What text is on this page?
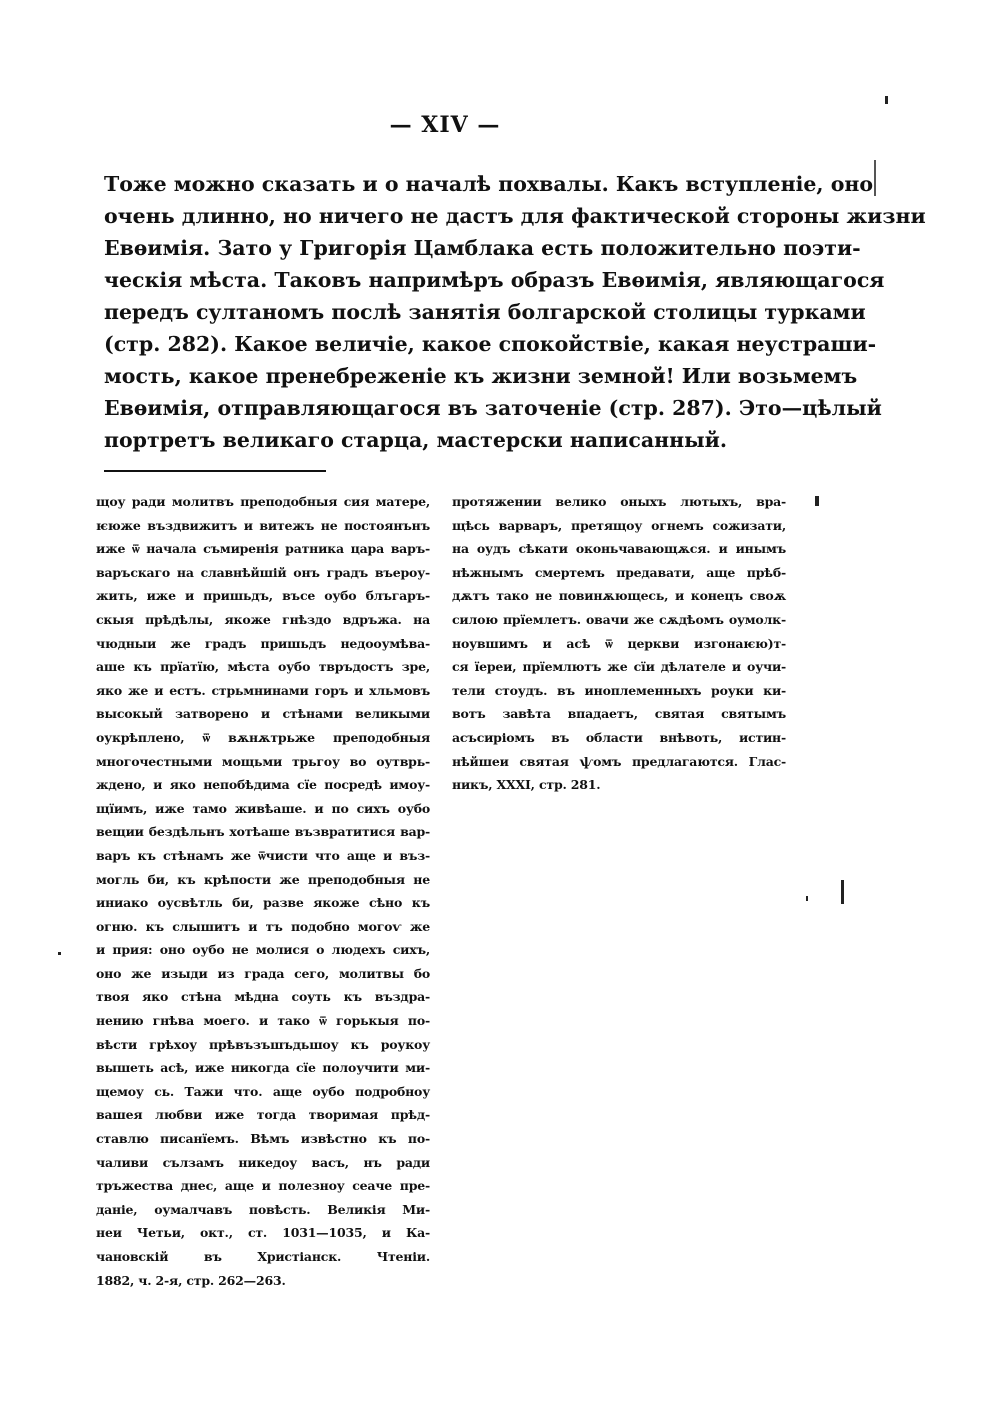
— XIV —
Тоже можно сказать и о началѣ похвалы. Какъ вступленіе, оно
очень длинно, но ничего не дастъ для фактической стороны жизни
Евѳимія. Зато у Григорія Цамблака есть положительно поэти-
ческія мѣста. Таковъ напримѣръ образъ Евѳимія, являющагося
передъ султаномъ послѣ занятія болгарской столицы турками
(стр. 282). Какое величіе, какое спокойствіе, какая неустраши-
мость, какое пренебреженіе къ жизни земной! Или возьмемъ
Евѳимія, отправляющагося въ заточеніе (стр. 287). Это—цѣлый
портретъ великаго старца, мастерски написанный.
щоу ради молитвъ преподобныя сия матере,
ѥюже въздвижитъ и витежъ не постоянънъ
иже ѿ начала съмиренія ратника цара варъ-
варъскаго на славнѣйшій онъ градъ въероу-
жить, иже и пришьдъ, въсе оубо блъгаръ-
скыя прѣдѣлы, якоже гнѣздо вдръжа. на
чюдныи же градъ пришьдъ недооумѣва-
аше къ прїатїю, мѣста оубо твръдостъ зре,
яко же и естъ. стрьмнинами горъ и хльмовъ
высокый затворено и стѣнами великыми
оукрѣплено, ѿ вѫнѫтрьже преподобныя
многочестными мощьми трьгоу во оутврь-
ждено, и яко непобѣдима сїе посредѣ имоу-
щїимъ, иже тамо живѣаше. и по сихъ оубо
вещии бездѣльнъ хотѣаше възвратитися вар-
варъ къ стѣнамъ же ѿчисти что аще и въз-
могль би, къ крѣпости же преподобныя не
иниако оусвѣтль би, разве якоже сѣно къ
огню. къ слышитъ и тъ подобно могоѵ же
и прия: оно оубо не молися о людехъ сихъ,
оно же изыди из града сего, молитвы бо
твоя яко стѣна мѣдна соуть къ въздра-
нению гнѣва моего. и тако ѿ горькыя по-
вѣсти грѣхоу прѣвъзъшъдьшоу къ роукоу
вышеть асѣ, иже никогда сїе полоучити ми-
щемоу сь. Тажи что. аще оубо подробноу
вашея любви иже тогда творимая прѣд-
ставлю писанїемъ. Вѣмъ извѣстно къ по-
чаливи сълзамъ никедоу васъ, нъ ради
тръжества днес, аще и полезноу сеаче пре-
даніе, оумалчавъ повѣсть. Великія Ми-
неи Четьи, окт., ст. 1031—1035, и Ка-
чановскій въ Христіанск. Чтеніи.
1882, ч. 2-я, стр. 262—263.
протяжении велико оныхъ лютыхъ, вра-
щѣсь варваръ, претящоу огнемъ сожизати,
на оудъ сѣкати оконьчавающѫся. и инымъ
нѣжнымъ смертемъ предавати, аще прѣб-
дѫтъ тако не повинѫющесь, и конецъ своѫ
силою прїемлетъ. овачи же сѫдѣомъ оумолк-
ноувшимъ и асѣ ѿ церкви изгонаѥю)т-
ся їереи, прїемлютъ же сїи дѣлателе и оучи-
тели стоудъ. въ иноплеменныхъ роуки ки-
вотъ завѣта впадаетъ, святая святымъ
асъсиріомъ въ области внѣвоть, истин-
нѣйшеи святая ѱомъ предлагаются. Глас-
никъ, XXXI, стр. 281.
